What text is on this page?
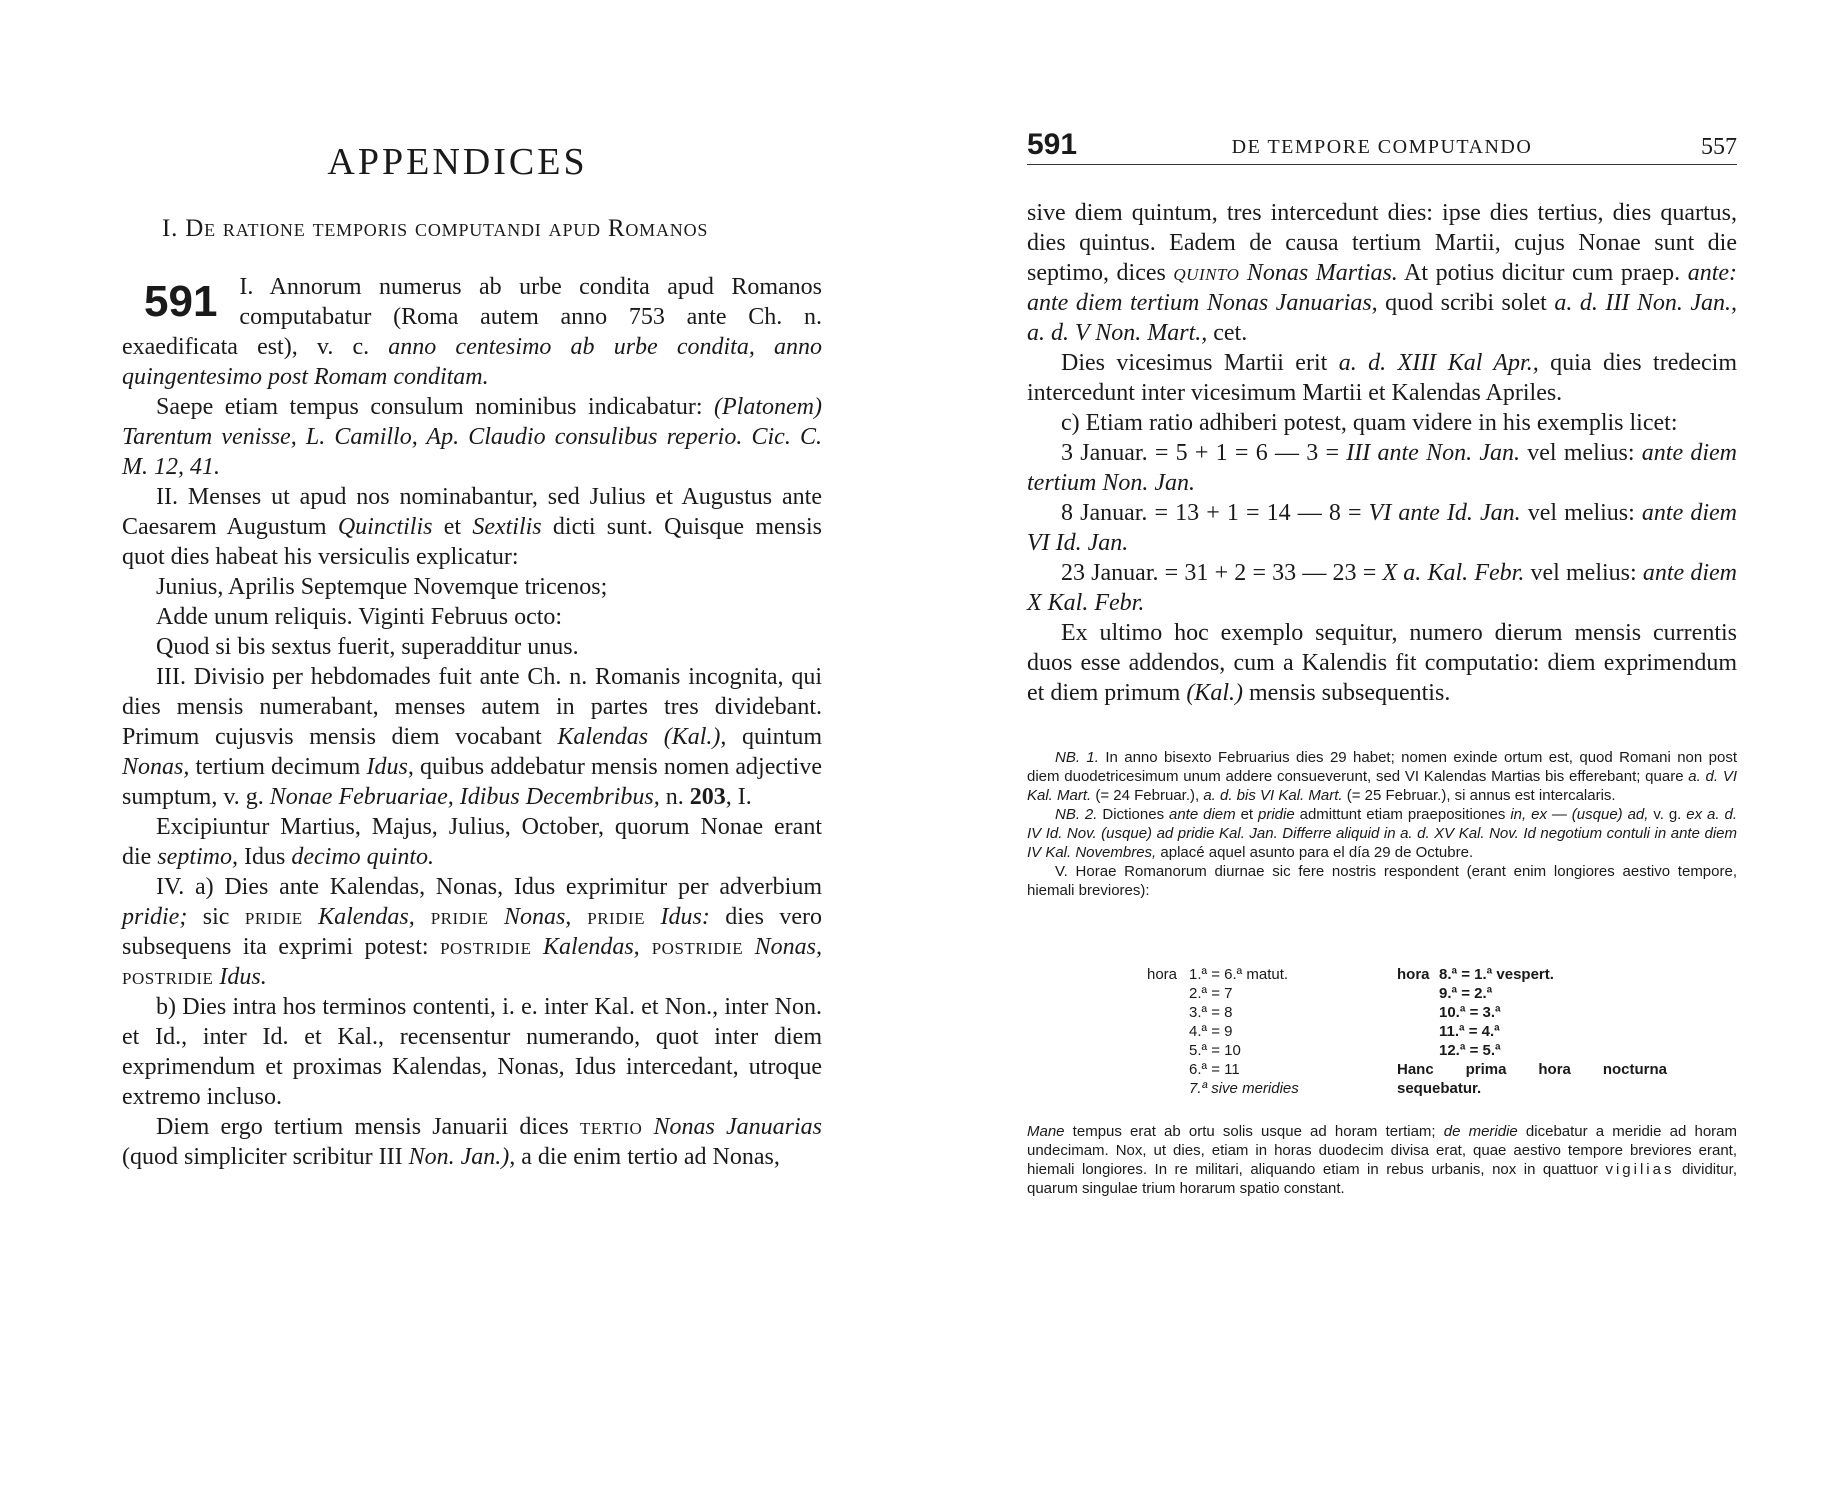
APPENDICES
I. De ratione temporis computandi apud Romanos

591 I. Annorum numerus ab urbe condita apud Romanos computabatur (Roma autem anno 753 ante Ch. n. exaedificata est), v. c. anno centesimo ab urbe condita, anno quingentesimo post Romam conditam.

Saepe etiam tempus consulum nominibus indicabatur: (Platonem) Tarentum venisse, L. Camillo, Ap. Claudio consulibus reperio. Cic. C. M. 12, 41.

II. Menses ut apud nos nominabantur, sed Julius et Augustus ante Caesarem Augustum Quinctilis et Sextilis dicti sunt. Quisque mensis quot dies habeat his versiculis explicatur:

Junius, Aprilis Septemque Novemque tricenos;

Adde unum reliquis. Viginti Februus octo:

Quod si bis sextus fuerit, superadditur unus.

III. Divisio per hebdomades fuit ante Ch. n. Romanis incognita, qui dies mensis numerabant, menses autem in partes tres dividebant. Primum cujusvis mensis diem vocabant Kalendas (Kal.), quintum Nonas, tertium decimum Idus, quibus addebatur mensis nomen adjective sumptum, v. g. Nonae Februariae, Idibus Decembribus, n. 203, I.

Excipiuntur Martius, Majus, Julius, October, quorum Nonae erant die septimo, Idus decimo quinto.

IV. a) Dies ante Kalendas, Nonas, Idus exprimitur per adverbium pridie; sic pridie Kalendas, pridie Nonas, pridie Idus: dies vero subsequens ita exprimi potest: postridie Kalendas, postridie Nonas, postridie Idus.

b) Dies intra hos terminos contenti, i. e. inter Kal. et Non., inter Non. et Id., inter Id. et Kal., recensentur numerando, quot inter diem exprimendum et proximas Kalendas, Nonas, Idus intercedant, utroque extremo incluso.

Diem ergo tertium mensis Januarii dices tertio Nonas Januarias (quod simpliciter scribitur III Non. Jan.), a die enim tertio ad Nonas,

591	DE TEMPORE COMPUTANDO	557

sive diem quintum, tres intercedunt dies: ipse dies tertius, dies quartus, dies quintus. Eadem de causa tertium Martii, cujus Nonae sunt die septimo, dices quinto Nonas Martias. At potius dicitur cum praep. ante: ante diem tertium Nonas Januarias, quod scribi solet a. d. III Non. Jan., a. d. V Non. Mart., cet.

Dies vicesimus Martii erit a. d. XIII Kal Apr., quia dies tredecim intercedunt inter vicesimum Martii et Kalendas Apriles.

c) Etiam ratio adhiberi potest, quam videre in his exemplis licet:

3 Januar. = 5 + 1 = 6 — 3 = III ante Non. Jan. vel melius: ante diem tertium Non. Jan.

8 Januar. = 13 + 1 = 14 — 8 = VI ante Id. Jan. vel melius: ante diem VI Id. Jan.

23 Januar. = 31 + 2 = 33 — 23 = X a. Kal. Febr. vel melius: ante diem X Kal. Febr.

Ex ultimo hoc exemplo sequitur, numero dierum mensis currentis duos esse addendos, cum a Kalendis fit computatio: diem exprimendum et diem primum (Kal.) mensis subsequentis.

NB. 1. In anno bisexto Februarius dies 29 habet; nomen exinde ortum est, quod Romani non post diem duodetricesimum unum addere consueverunt, sed VI Kalendas Martias bis efferebant; quare a. d. VI Kal. Mart. (= 24 Februar.), a. d. bis VI Kal. Mart. (= 25 Februar.), si annus est intercalaris.

NB. 2. Dictiones ante diem et pridie admittunt etiam praepositiones in, ex — (usque) ad, v. g. ex a. d. IV Id. Nov. (usque) ad pridie Kal. Jan. Differre aliquid in a. d. XV Kal. Nov. Id negotium contuli in ante diem IV Kal. Novembres, aplacé aquel asunto para el día 29 de Octubre.

V. Horae Romanorum diurnae sic fere nostris respondent (erant enim longiores aestivo tempore, hiemali breviores):

hora 1.ª = 6.ª matut.
2.ª = 7
3.ª = 8
4.ª = 9
5.ª = 10
6.ª = 11
7.ª sive meridies
hora 8.ª = 1.ª vespert.
9.ª = 2.ª
10.ª = 3.ª
11.ª = 4.ª
12.ª = 5.ª
Hanc prima hora nocturna sequebatur.
Mane tempus erat ab ortu solis usque ad horam tertiam; de meridie dicebatur a meridie ad horam undecimam. Nox, ut dies, etiam in horas duodecim divisa erat, quae aestivo tempore breviores erant, hiemali longiores. In re militari, aliquando etiam in rebus urbanis, nox in quattuor vigilias dividitur, quarum singulae trium horarum spatio constant.
